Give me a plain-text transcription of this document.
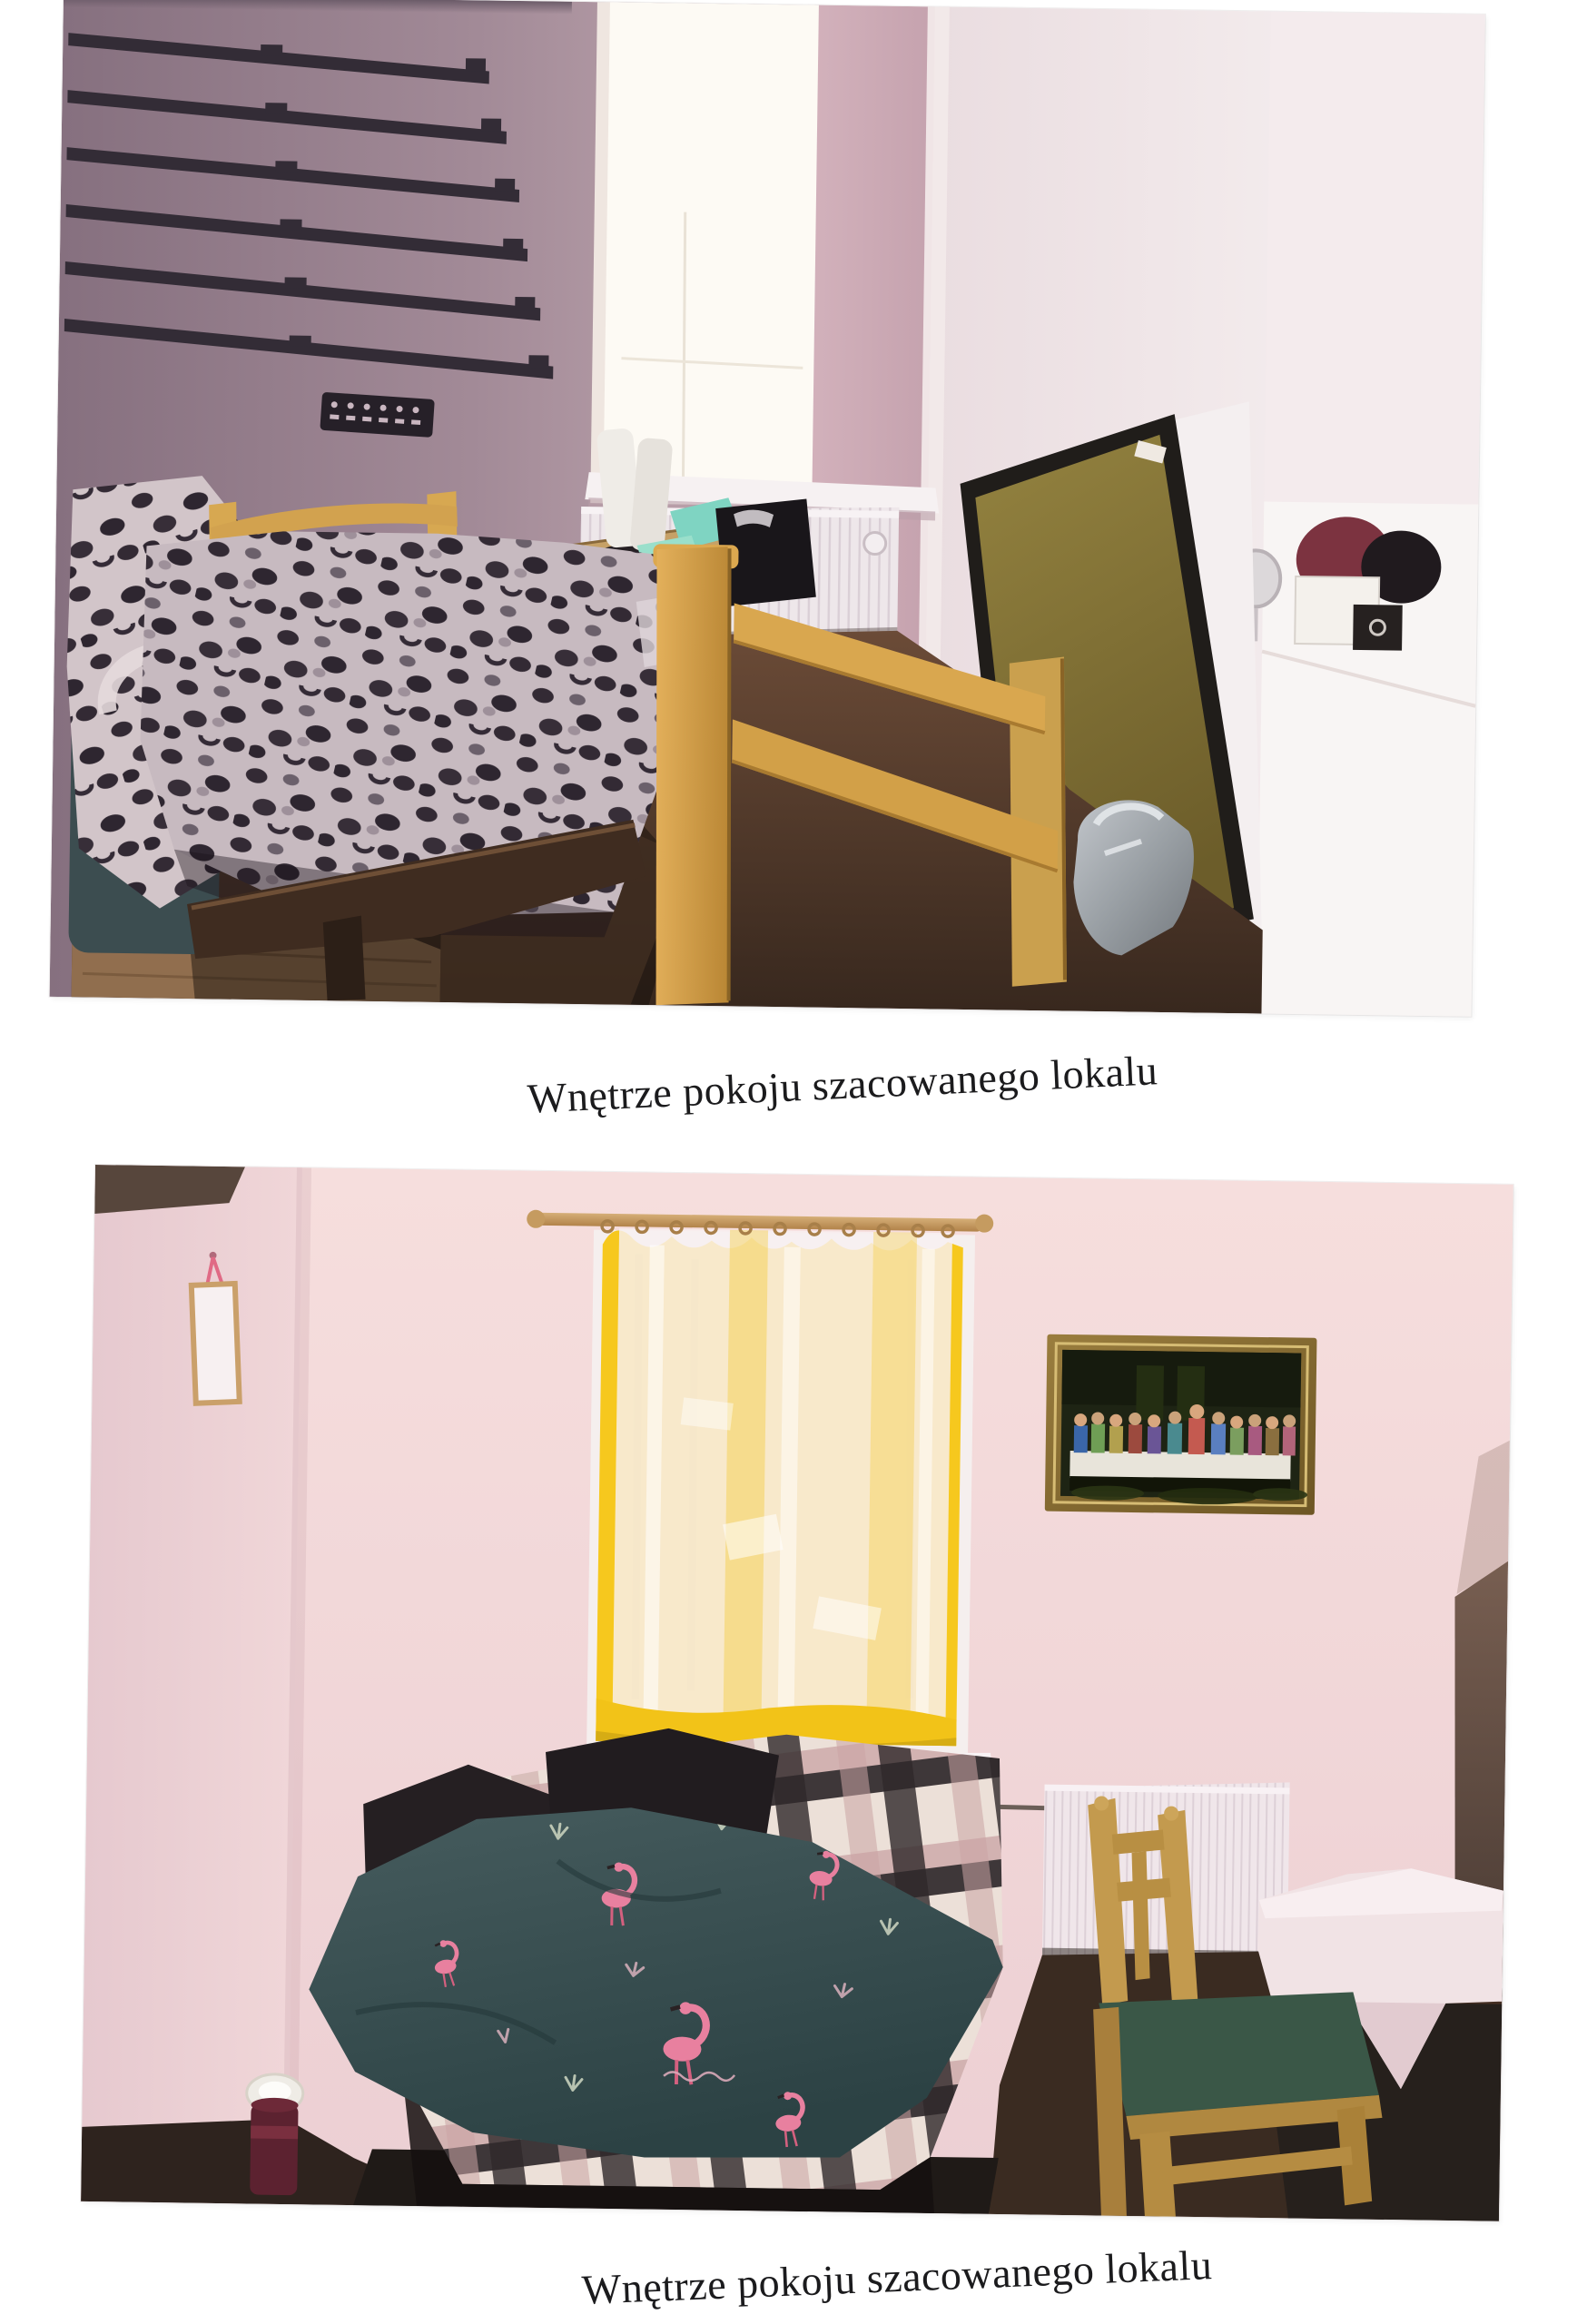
Wnętrze pokoju szacowanego lokalu
Wnętrze pokoju szacowanego lokalu
